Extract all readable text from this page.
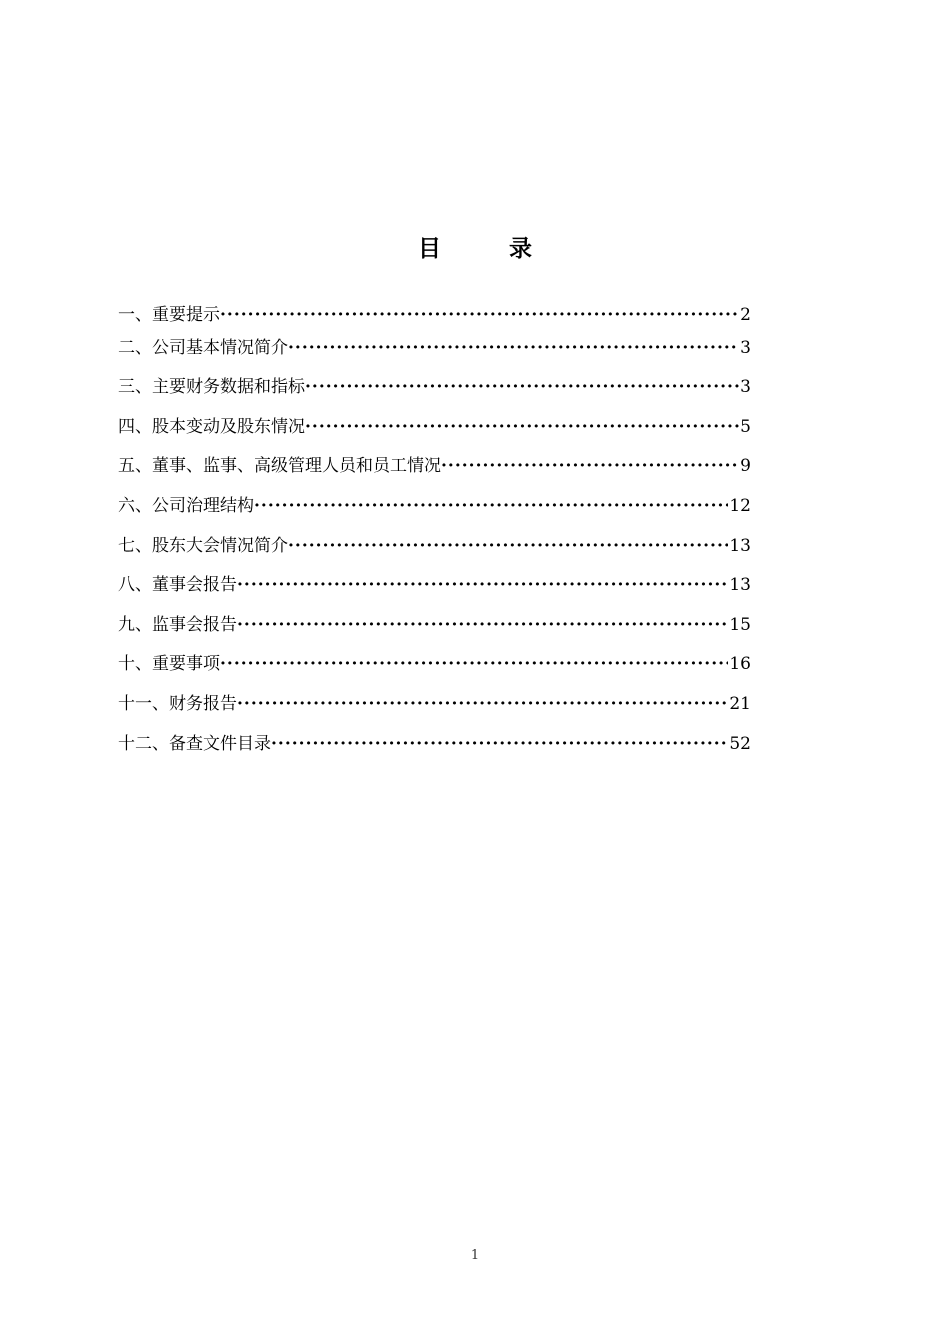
目 录
一、重要提示 ·····	2
二、公司基本情况简介 ·····	3
三、主要财务数据和指标 ·····	3
四、股本变动及股东情况 ·····	5
五、董事、监事、高级管理人员和员工情况 ·····	9
六、公司治理结构 ·····	12
七、股东大会情况简介 ·····	13
八、董事会报告 ·····	13
九、监事会报告 ·····	15
十、重要事项 ·····	16
十一、财务报告 ·····	21
十二、备查文件目录 ·····	52
1
